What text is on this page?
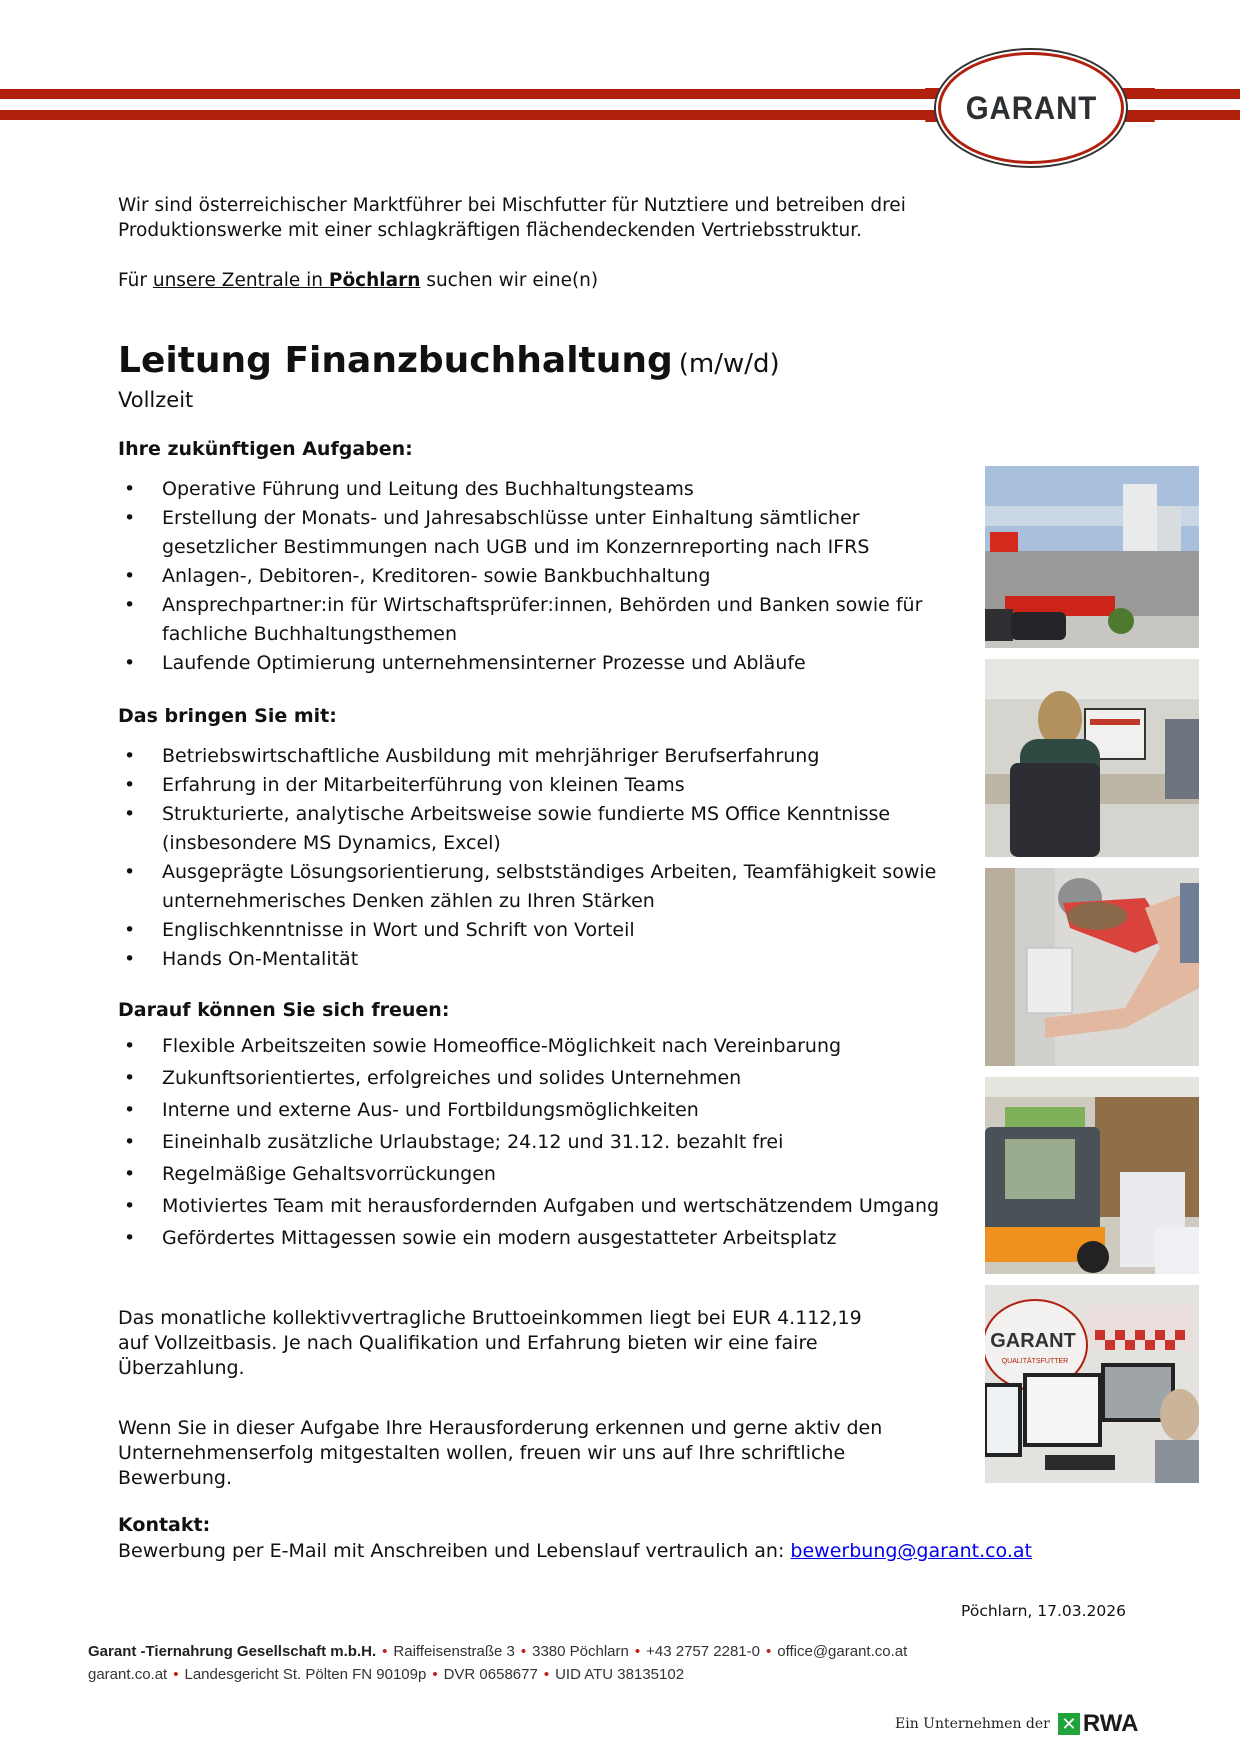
GARANT

Wir sind österreichischer Marktführer bei Mischfutter für Nutztiere und betreiben drei

Produktionswerke mit einer schlagkräftigen flächendeckenden Vertriebsstruktur.

Für unsere Zentrale in Pöchlarn suchen wir eine(n)

Leitung Finanzbuchhaltung (m/w/d)
Vollzeit
Ihre zukünftigen Aufgaben:
• Operative Führung und Leitung des Buchhaltungsteams
• Erstellung der Monats- und Jahresabschlüsse unter Einhaltung sämtlicher gesetzlicher Bestimmungen nach UGB und im Konzernreporting nach IFRS
• Anlagen-, Debitoren-, Kreditoren- sowie Bankbuchhaltung
• Ansprechpartner:in für Wirtschaftsprüfer:innen, Behörden und Banken sowie für fachliche Buchhaltungsthemen
• Laufende Optimierung unternehmensinterner Prozesse und Abläufe
Das bringen Sie mit:
• Betriebswirtschaftliche Ausbildung mit mehrjähriger Berufserfahrung
• Erfahrung in der Mitarbeiterführung von kleinen Teams
• Strukturierte, analytische Arbeitsweise sowie fundierte MS Office Kenntnisse (insbesondere MS Dynamics, Excel)
• Ausgeprägte Lösungsorientierung, selbstständiges Arbeiten, Teamfähigkeit sowie unternehmerisches Denken zählen zu Ihren Stärken
• Englischkenntnisse in Wort und Schrift von Vorteil
• Hands On-Mentalität
Darauf können Sie sich freuen:
• Flexible Arbeitszeiten sowie Homeoffice-Möglichkeit nach Vereinbarung
• Zukunftsorientiertes, erfolgreiches und solides Unternehmen
• Interne und externe Aus- und Fortbildungsmöglichkeiten
• Eineinhalb zusätzliche Urlaubstage; 24.12 und 31.12. bezahlt frei
• Regelmäßige Gehaltsvorrückungen
• Motiviertes Team mit herausfordernden Aufgaben und wertschätzendem Umgang
• Gefördertes Mittagessen sowie ein modern ausgestatteter Arbeitsplatz
Das monatliche kollektivvertragliche Bruttoeinkommen liegt bei EUR 4.112,19
auf Vollzeitbasis. Je nach Qualifikation und Erfahrung bieten wir eine faire
Überzahlung.
Wenn Sie in dieser Aufgabe Ihre Herausforderung erkennen und gerne aktiv den
Unternehmenserfolg mitgestalten wollen, freuen wir uns auf Ihre schriftliche
Bewerbung.
Kontakt:
Bewerbung per E-Mail mit Anschreiben und Lebenslauf vertraulich an: bewerbung@garant.co.at
Pöchlarn, 17.03.2026
Garant -Tiernahrung Gesellschaft m.b.H. • Raiffeisenstraße 3 • 3380 Pöchlarn • +43 2757 2281-0 • office@garant.co.at
garant.co.at • Landesgericht St. Pölten FN 90109p • DVR 0658677 • UID ATU 38135102
Ein Unternehmen der ✕ RWA
GARANT
QUALITÄTSFUTTER
